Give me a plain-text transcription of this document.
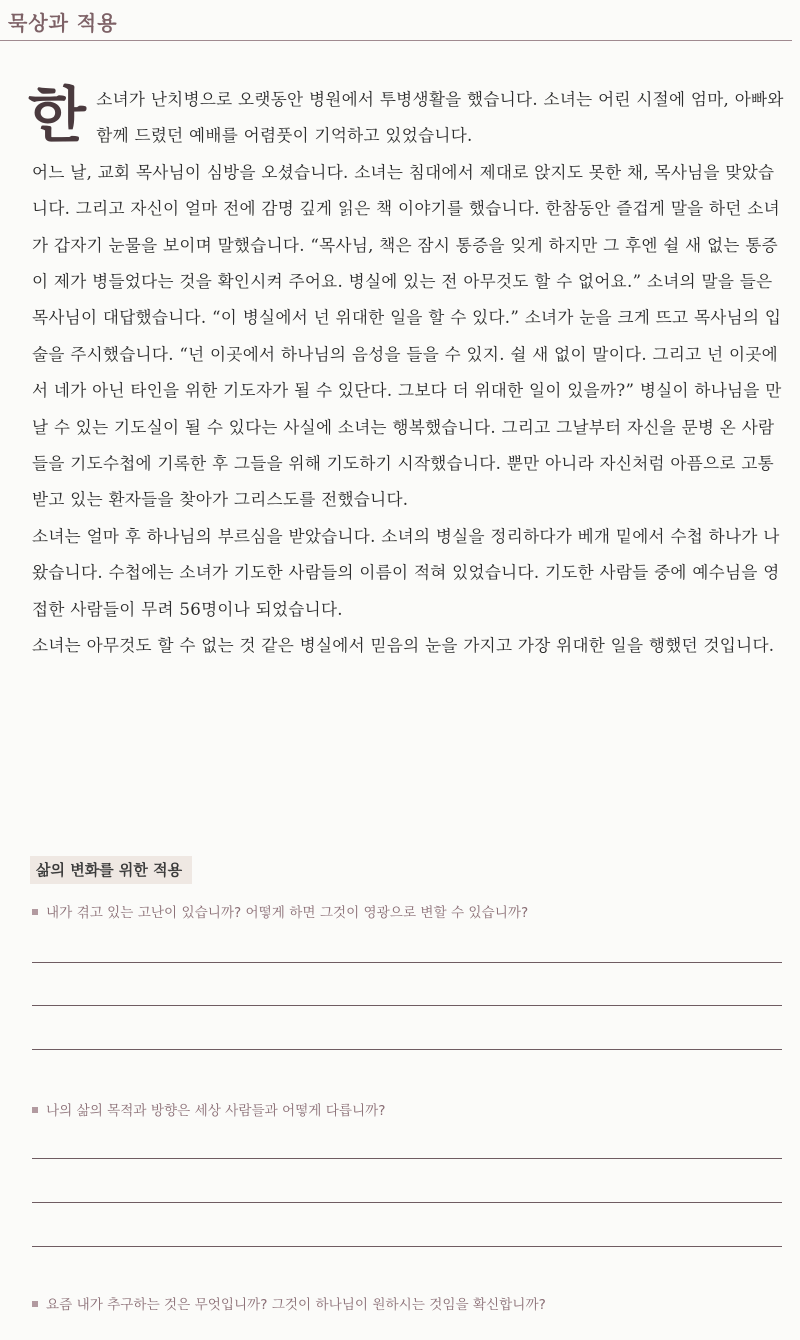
묵상과 적용

한소녀가 난치병으로 오랫동안 병원에서 투병생활을 했습니다. 소녀는 어린 시절에 엄마, 아빠와 함께 드렸던 예배를 어렴풋이 기억하고 있었습니다.

어느 날, 교회 목사님이 심방을 오셨습니다. 소녀는 침대에서 제대로 앉지도 못한 채, 목사님을 맞았습니다. 그리고 자신이 얼마 전에 감명 깊게 읽은 책 이야기를 했습니다. 한참동안 즐겁게 말을 하던 소녀가 갑자기 눈물을 보이며 말했습니다. “목사님, 책은 잠시 통증을 잊게 하지만 그 후엔 쉴 새 없는 통증이 제가 병들었다는 것을 확인시켜 주어요. 병실에 있는 전 아무것도 할 수 없어요.” 소녀의 말을 들은 목사님이 대답했습니다. “이 병실에서 넌 위대한 일을 할 수 있다.” 소녀가 눈을 크게 뜨고 목사님의 입술을 주시했습니다. “넌 이곳에서 하나님의 음성을 들을 수 있지. 쉴 새 없이 말이다. 그리고 넌 이곳에서 네가 아닌 타인을 위한 기도자가 될 수 있단다. 그보다 더 위대한 일이 있을까?” 병실이 하나님을 만날 수 있는 기도실이 될 수 있다는 사실에 소녀는 행복했습니다. 그리고 그날부터 자신을 문병 온 사람들을 기도수첩에 기록한 후 그들을 위해 기도하기 시작했습니다. 뿐만 아니라 자신처럼 아픔으로 고통 받고 있는 환자들을 찾아가 그리스도를 전했습니다.

소녀는 얼마 후 하나님의 부르심을 받았습니다. 소녀의 병실을 정리하다가 베개 밑에서 수첩 하나가 나왔습니다. 수첩에는 소녀가 기도한 사람들의 이름이 적혀 있었습니다. 기도한 사람들 중에 예수님을 영접한 사람들이 무려 56명이나 되었습니다.

소녀는 아무것도 할 수 없는 것 같은 병실에서 믿음의 눈을 가지고 가장 위대한 일을 행했던 것입니다.

삶의 변화를 위한 적용
내가 겪고 있는 고난이 있습니까? 어떻게 하면 그것이 영광으로 변할 수 있습니까?
나의 삶의 목적과 방향은 세상 사람들과 어떻게 다릅니까?
요즘 내가 추구하는 것은 무엇입니까? 그것이 하나님이 원하시는 것임을 확신합니까?
